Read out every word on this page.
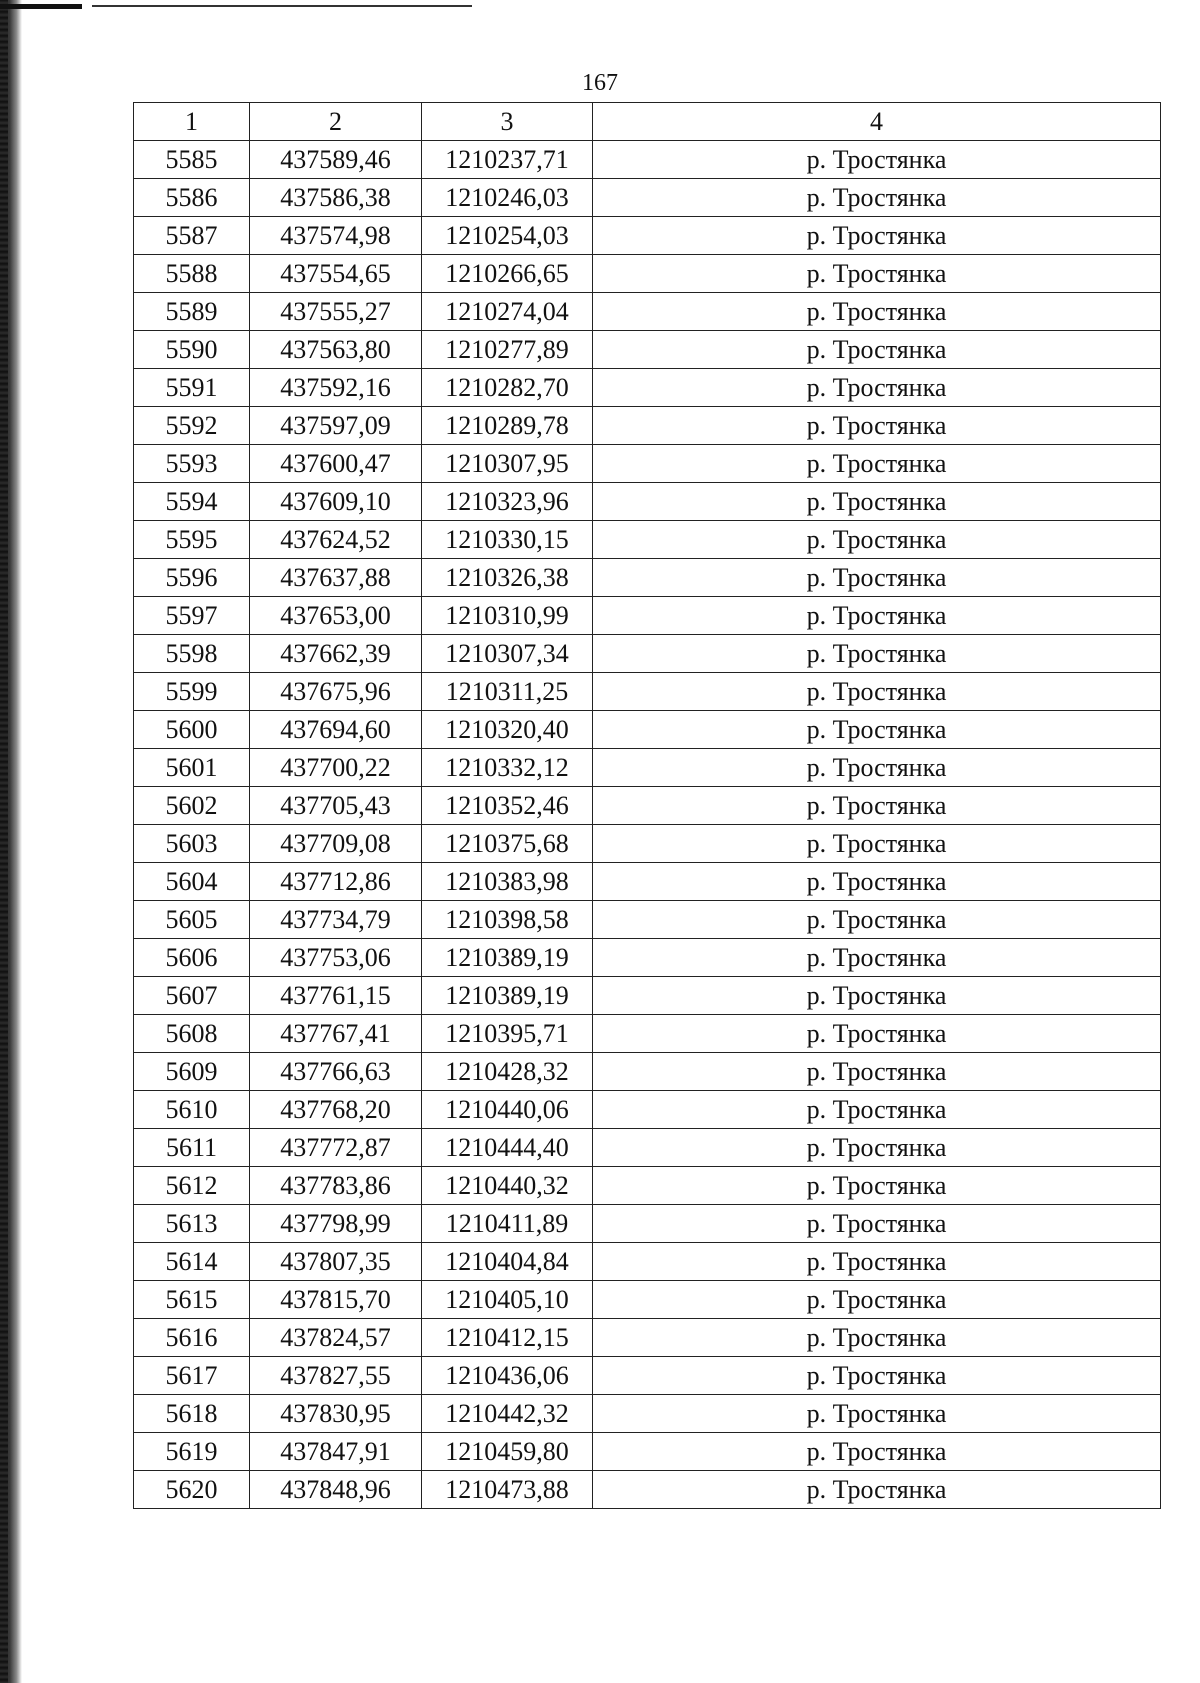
167
1	2	3	4
5585	437589,46	1210237,71	р. Тростянка
5586	437586,38	1210246,03	р. Тростянка
5587	437574,98	1210254,03	р. Тростянка
5588	437554,65	1210266,65	р. Тростянка
5589	437555,27	1210274,04	р. Тростянка
5590	437563,80	1210277,89	р. Тростянка
5591	437592,16	1210282,70	р. Тростянка
5592	437597,09	1210289,78	р. Тростянка
5593	437600,47	1210307,95	р. Тростянка
5594	437609,10	1210323,96	р. Тростянка
5595	437624,52	1210330,15	р. Тростянка
5596	437637,88	1210326,38	р. Тростянка
5597	437653,00	1210310,99	р. Тростянка
5598	437662,39	1210307,34	р. Тростянка
5599	437675,96	1210311,25	р. Тростянка
5600	437694,60	1210320,40	р. Тростянка
5601	437700,22	1210332,12	р. Тростянка
5602	437705,43	1210352,46	р. Тростянка
5603	437709,08	1210375,68	р. Тростянка
5604	437712,86	1210383,98	р. Тростянка
5605	437734,79	1210398,58	р. Тростянка
5606	437753,06	1210389,19	р. Тростянка
5607	437761,15	1210389,19	р. Тростянка
5608	437767,41	1210395,71	р. Тростянка
5609	437766,63	1210428,32	р. Тростянка
5610	437768,20	1210440,06	р. Тростянка
5611	437772,87	1210444,40	р. Тростянка
5612	437783,86	1210440,32	р. Тростянка
5613	437798,99	1210411,89	р. Тростянка
5614	437807,35	1210404,84	р. Тростянка
5615	437815,70	1210405,10	р. Тростянка
5616	437824,57	1210412,15	р. Тростянка
5617	437827,55	1210436,06	р. Тростянка
5618	437830,95	1210442,32	р. Тростянка
5619	437847,91	1210459,80	р. Тростянка
5620	437848,96	1210473,88	р. Тростянка
